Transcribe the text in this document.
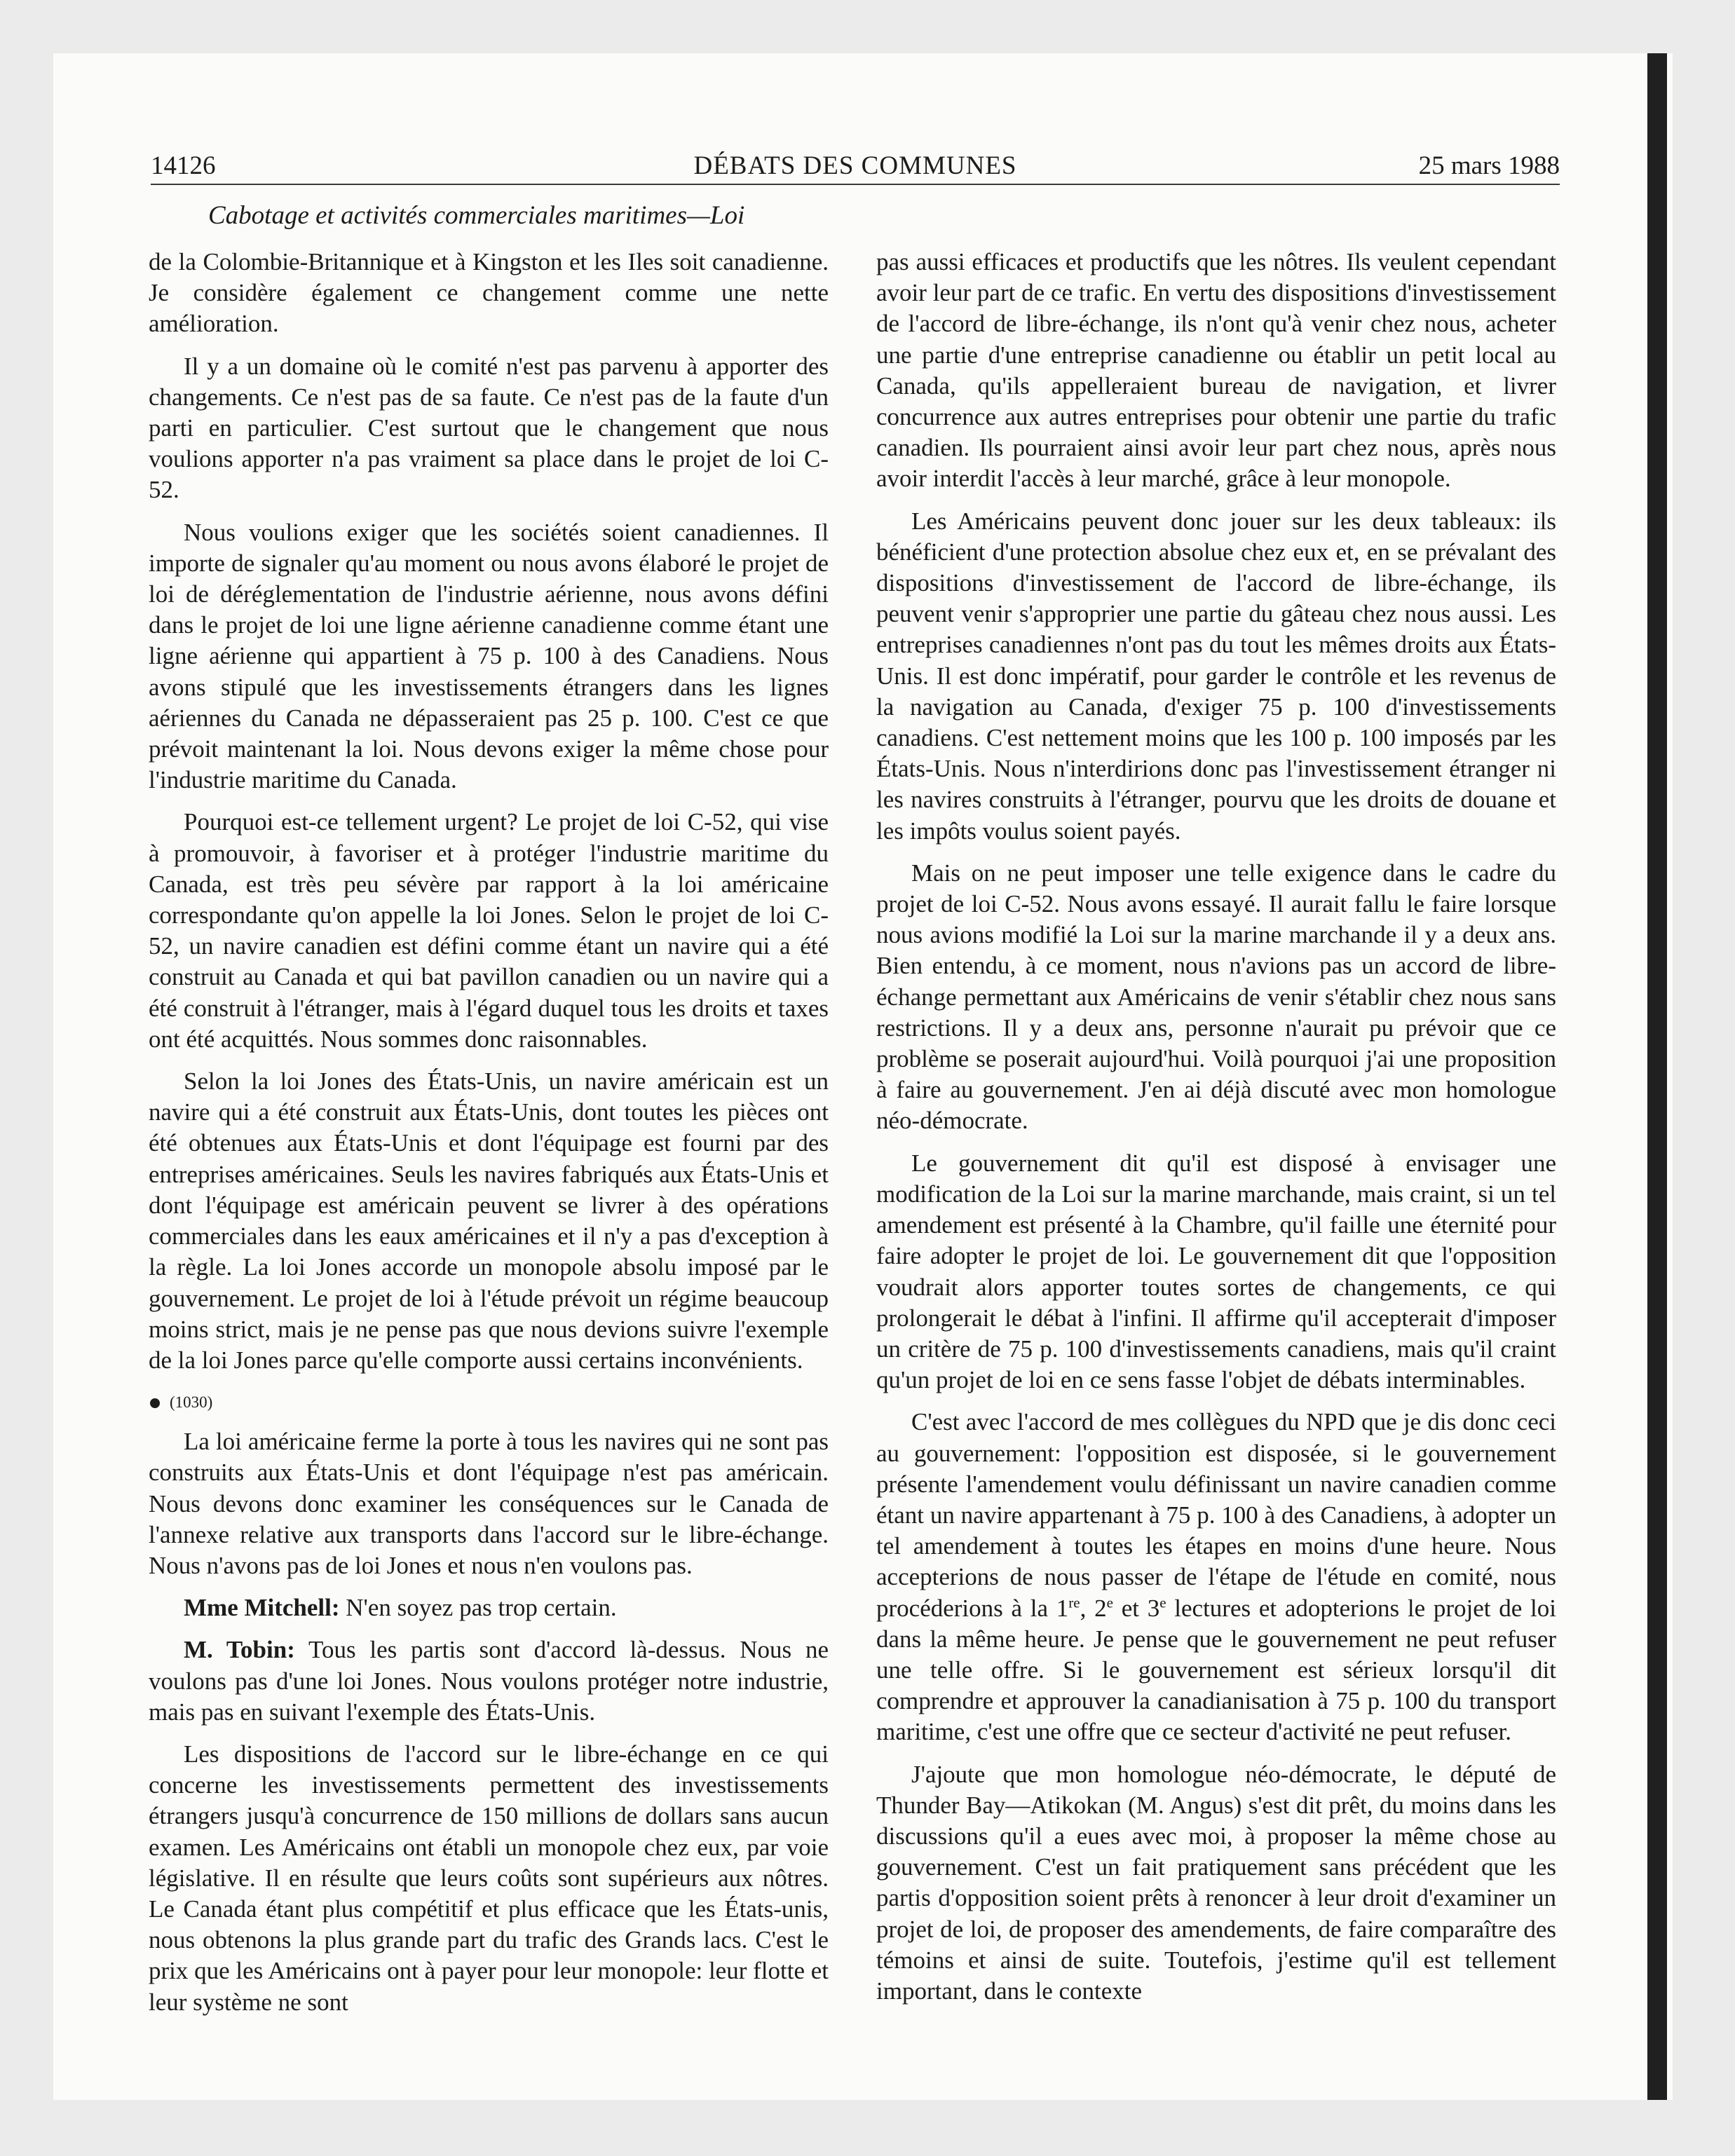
14126	DÉBATS DES COMMUNES	25 mars 1988
Cabotage et activités commerciales maritimes—Loi

de la Colombie-Britannique et à Kingston et les Iles soit canadienne. Je considère également ce changement comme une nette amélioration.

Il y a un domaine où le comité n'est pas parvenu à apporter des changements. Ce n'est pas de sa faute. Ce n'est pas de la faute d'un parti en particulier. C'est surtout que le changement que nous voulions apporter n'a pas vraiment sa place dans le projet de loi C-52.

Nous voulions exiger que les sociétés soient canadiennes. Il importe de signaler qu'au moment ou nous avons élaboré le projet de loi de déréglementation de l'industrie aérienne, nous avons défini dans le projet de loi une ligne aérienne canadienne comme étant une ligne aérienne qui appartient à 75 p. 100 à des Canadiens. Nous avons stipulé que les investissements étrangers dans les lignes aériennes du Canada ne dépasseraient pas 25 p. 100. C'est ce que prévoit maintenant la loi. Nous devons exiger la même chose pour l'industrie maritime du Canada.

Pourquoi est-ce tellement urgent? Le projet de loi C-52, qui vise à promouvoir, à favoriser et à protéger l'industrie maritime du Canada, est très peu sévère par rapport à la loi américaine correspondante qu'on appelle la loi Jones. Selon le projet de loi C-52, un navire canadien est défini comme étant un navire qui a été construit au Canada et qui bat pavillon canadien ou un navire qui a été construit à l'étranger, mais à l'égard duquel tous les droits et taxes ont été acquittés. Nous sommes donc raisonnables.

Selon la loi Jones des États-Unis, un navire américain est un navire qui a été construit aux États-Unis, dont toutes les pièces ont été obtenues aux États-Unis et dont l'équipage est fourni par des entreprises américaines. Seuls les navires fabriqués aux États-Unis et dont l'équipage est américain peuvent se livrer à des opérations commerciales dans les eaux américaines et il n'y a pas d'exception à la règle. La loi Jones accorde un monopole absolu imposé par le gouvernement. Le projet de loi à l'étude prévoit un régime beaucoup moins strict, mais je ne pense pas que nous devions suivre l'exemple de la loi Jones parce qu'elle comporte aussi certains inconvénients.

(1030)

La loi américaine ferme la porte à tous les navires qui ne sont pas construits aux États-Unis et dont l'équipage n'est pas américain. Nous devons donc examiner les conséquences sur le Canada de l'annexe relative aux transports dans l'accord sur le libre-échange. Nous n'avons pas de loi Jones et nous n'en voulons pas.

Mme Mitchell: N'en soyez pas trop certain.

M. Tobin: Tous les partis sont d'accord là-dessus. Nous ne voulons pas d'une loi Jones. Nous voulons protéger notre industrie, mais pas en suivant l'exemple des États-Unis.

Les dispositions de l'accord sur le libre-échange en ce qui concerne les investissements permettent des investissements étrangers jusqu'à concurrence de 150 millions de dollars sans aucun examen. Les Américains ont établi un monopole chez eux, par voie législative. Il en résulte que leurs coûts sont supérieurs aux nôtres. Le Canada étant plus compétitif et plus efficace que les États-unis, nous obtenons la plus grande part du trafic des Grands lacs. C'est le prix que les Américains ont à payer pour leur monopole: leur flotte et leur système ne sont

pas aussi efficaces et productifs que les nôtres. Ils veulent cependant avoir leur part de ce trafic. En vertu des dispositions d'investissement de l'accord de libre-échange, ils n'ont qu'à venir chez nous, acheter une partie d'une entreprise canadienne ou établir un petit local au Canada, qu'ils appelleraient bureau de navigation, et livrer concurrence aux autres entreprises pour obtenir une partie du trafic canadien. Ils pourraient ainsi avoir leur part chez nous, après nous avoir interdit l'accès à leur marché, grâce à leur monopole.

Les Américains peuvent donc jouer sur les deux tableaux: ils bénéficient d'une protection absolue chez eux et, en se prévalant des dispositions d'investissement de l'accord de libre-échange, ils peuvent venir s'approprier une partie du gâteau chez nous aussi. Les entreprises canadiennes n'ont pas du tout les mêmes droits aux États-Unis. Il est donc impératif, pour garder le contrôle et les revenus de la navigation au Canada, d'exiger 75 p. 100 d'investissements canadiens. C'est nettement moins que les 100 p. 100 imposés par les États-Unis. Nous n'interdirions donc pas l'investissement étranger ni les navires construits à l'étranger, pourvu que les droits de douane et les impôts voulus soient payés.

Mais on ne peut imposer une telle exigence dans le cadre du projet de loi C-52. Nous avons essayé. Il aurait fallu le faire lorsque nous avions modifié la Loi sur la marine marchande il y a deux ans. Bien entendu, à ce moment, nous n'avions pas un accord de libre-échange permettant aux Américains de venir s'établir chez nous sans restrictions. Il y a deux ans, personne n'aurait pu prévoir que ce problème se poserait aujourd'hui. Voilà pourquoi j'ai une proposition à faire au gouvernement. J'en ai déjà discuté avec mon homologue néo-démocrate.

Le gouvernement dit qu'il est disposé à envisager une modification de la Loi sur la marine marchande, mais craint, si un tel amendement est présenté à la Chambre, qu'il faille une éternité pour faire adopter le projet de loi. Le gouvernement dit que l'opposition voudrait alors apporter toutes sortes de changements, ce qui prolongerait le débat à l'infini. Il affirme qu'il accepterait d'imposer un critère de 75 p. 100 d'investissements canadiens, mais qu'il craint qu'un projet de loi en ce sens fasse l'objet de débats interminables.

C'est avec l'accord de mes collègues du NPD que je dis donc ceci au gouvernement: l'opposition est disposée, si le gouvernement présente l'amendement voulu définissant un navire canadien comme étant un navire appartenant à 75 p. 100 à des Canadiens, à adopter un tel amendement à toutes les étapes en moins d'une heure. Nous accepterions de nous passer de l'étape de l'étude en comité, nous procéderions à la 1re, 2e et 3e lectures et adopterions le projet de loi dans la même heure. Je pense que le gouvernement ne peut refuser une telle offre. Si le gouvernement est sérieux lorsqu'il dit comprendre et approuver la canadianisation à 75 p. 100 du transport maritime, c'est une offre que ce secteur d'activité ne peut refuser.

J'ajoute que mon homologue néo-démocrate, le député de Thunder Bay—Atikokan (M. Angus) s'est dit prêt, du moins dans les discussions qu'il a eues avec moi, à proposer la même chose au gouvernement. C'est un fait pratiquement sans précédent que les partis d'opposition soient prêts à renoncer à leur droit d'examiner un projet de loi, de proposer des amendements, de faire comparaître des témoins et ainsi de suite. Toutefois, j'estime qu'il est tellement important, dans le contexte
